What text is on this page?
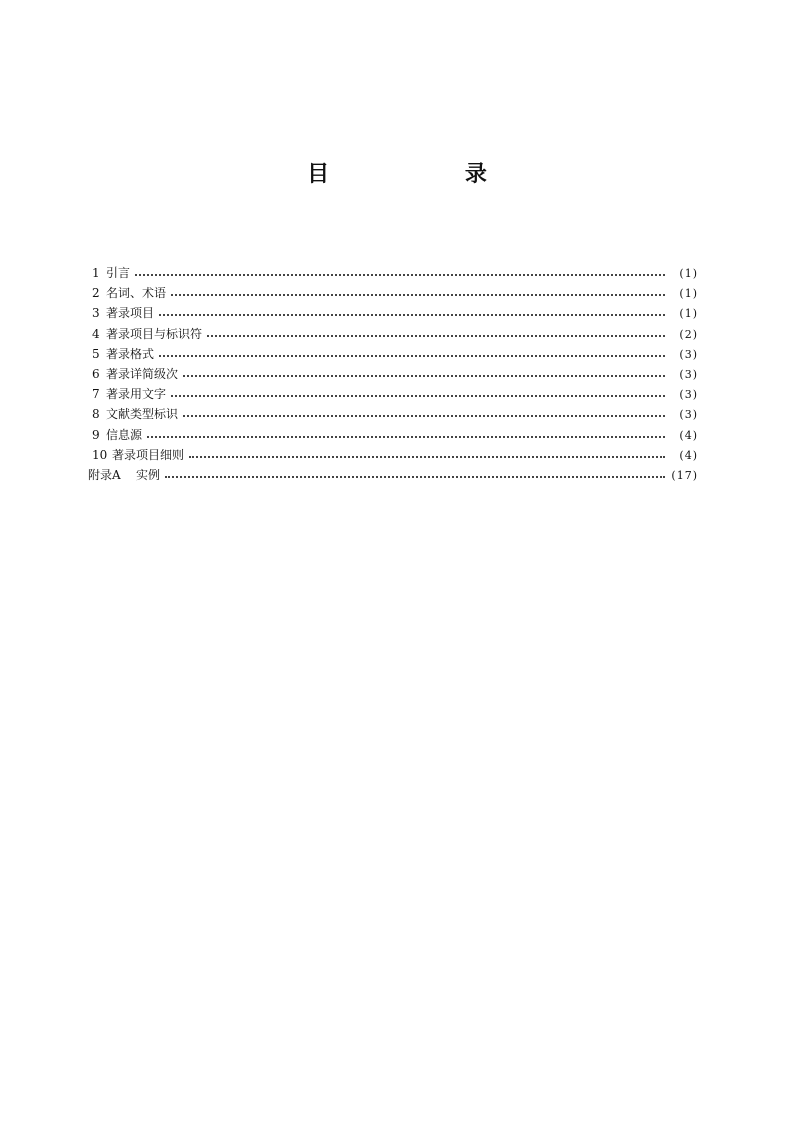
目 录
1 引言	(1)
2 名词、术语	(1)
3 著录项目	(1)
4 著录项目与标识符	(2)
5 著录格式	(3)
6 著录详简级次	(3)
7 著录用文字	(3)
8 文献类型标识	(3)
9 信息源	(4)
10 著录项目细则	(4)
附录A	实例	(17)
